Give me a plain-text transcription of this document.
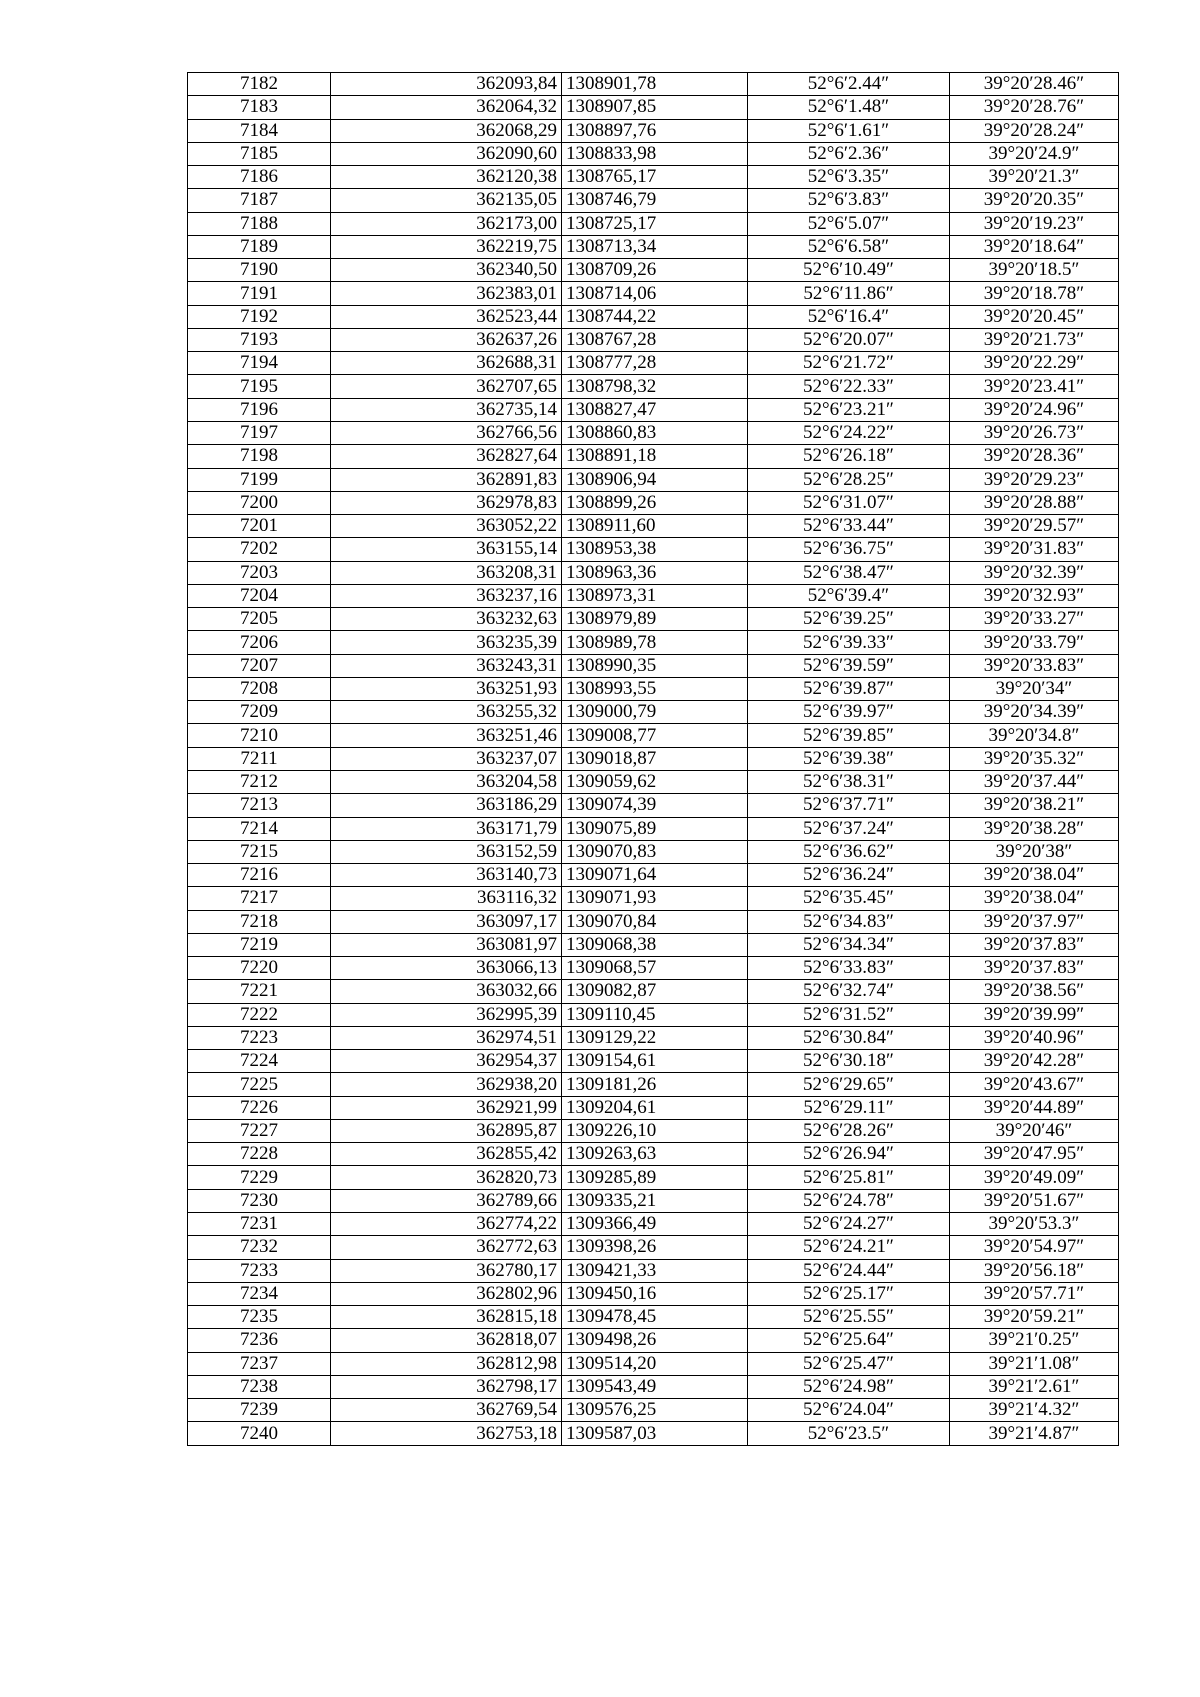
7182	362093,84	1308901,78	52°6′2.44″	39°20′28.46″
7183	362064,32	1308907,85	52°6′1.48″	39°20′28.76″
7184	362068,29	1308897,76	52°6′1.61″	39°20′28.24″
7185	362090,60	1308833,98	52°6′2.36″	39°20′24.9″
7186	362120,38	1308765,17	52°6′3.35″	39°20′21.3″
7187	362135,05	1308746,79	52°6′3.83″	39°20′20.35″
7188	362173,00	1308725,17	52°6′5.07″	39°20′19.23″
7189	362219,75	1308713,34	52°6′6.58″	39°20′18.64″
7190	362340,50	1308709,26	52°6′10.49″	39°20′18.5″
7191	362383,01	1308714,06	52°6′11.86″	39°20′18.78″
7192	362523,44	1308744,22	52°6′16.4″	39°20′20.45″
7193	362637,26	1308767,28	52°6′20.07″	39°20′21.73″
7194	362688,31	1308777,28	52°6′21.72″	39°20′22.29″
7195	362707,65	1308798,32	52°6′22.33″	39°20′23.41″
7196	362735,14	1308827,47	52°6′23.21″	39°20′24.96″
7197	362766,56	1308860,83	52°6′24.22″	39°20′26.73″
7198	362827,64	1308891,18	52°6′26.18″	39°20′28.36″
7199	362891,83	1308906,94	52°6′28.25″	39°20′29.23″
7200	362978,83	1308899,26	52°6′31.07″	39°20′28.88″
7201	363052,22	1308911,60	52°6′33.44″	39°20′29.57″
7202	363155,14	1308953,38	52°6′36.75″	39°20′31.83″
7203	363208,31	1308963,36	52°6′38.47″	39°20′32.39″
7204	363237,16	1308973,31	52°6′39.4″	39°20′32.93″
7205	363232,63	1308979,89	52°6′39.25″	39°20′33.27″
7206	363235,39	1308989,78	52°6′39.33″	39°20′33.79″
7207	363243,31	1308990,35	52°6′39.59″	39°20′33.83″
7208	363251,93	1308993,55	52°6′39.87″	39°20′34″
7209	363255,32	1309000,79	52°6′39.97″	39°20′34.39″
7210	363251,46	1309008,77	52°6′39.85″	39°20′34.8″
7211	363237,07	1309018,87	52°6′39.38″	39°20′35.32″
7212	363204,58	1309059,62	52°6′38.31″	39°20′37.44″
7213	363186,29	1309074,39	52°6′37.71″	39°20′38.21″
7214	363171,79	1309075,89	52°6′37.24″	39°20′38.28″
7215	363152,59	1309070,83	52°6′36.62″	39°20′38″
7216	363140,73	1309071,64	52°6′36.24″	39°20′38.04″
7217	363116,32	1309071,93	52°6′35.45″	39°20′38.04″
7218	363097,17	1309070,84	52°6′34.83″	39°20′37.97″
7219	363081,97	1309068,38	52°6′34.34″	39°20′37.83″
7220	363066,13	1309068,57	52°6′33.83″	39°20′37.83″
7221	363032,66	1309082,87	52°6′32.74″	39°20′38.56″
7222	362995,39	1309110,45	52°6′31.52″	39°20′39.99″
7223	362974,51	1309129,22	52°6′30.84″	39°20′40.96″
7224	362954,37	1309154,61	52°6′30.18″	39°20′42.28″
7225	362938,20	1309181,26	52°6′29.65″	39°20′43.67″
7226	362921,99	1309204,61	52°6′29.11″	39°20′44.89″
7227	362895,87	1309226,10	52°6′28.26″	39°20′46″
7228	362855,42	1309263,63	52°6′26.94″	39°20′47.95″
7229	362820,73	1309285,89	52°6′25.81″	39°20′49.09″
7230	362789,66	1309335,21	52°6′24.78″	39°20′51.67″
7231	362774,22	1309366,49	52°6′24.27″	39°20′53.3″
7232	362772,63	1309398,26	52°6′24.21″	39°20′54.97″
7233	362780,17	1309421,33	52°6′24.44″	39°20′56.18″
7234	362802,96	1309450,16	52°6′25.17″	39°20′57.71″
7235	362815,18	1309478,45	52°6′25.55″	39°20′59.21″
7236	362818,07	1309498,26	52°6′25.64″	39°21′0.25″
7237	362812,98	1309514,20	52°6′25.47″	39°21′1.08″
7238	362798,17	1309543,49	52°6′24.98″	39°21′2.61″
7239	362769,54	1309576,25	52°6′24.04″	39°21′4.32″
7240	362753,18	1309587,03	52°6′23.5″	39°21′4.87″
